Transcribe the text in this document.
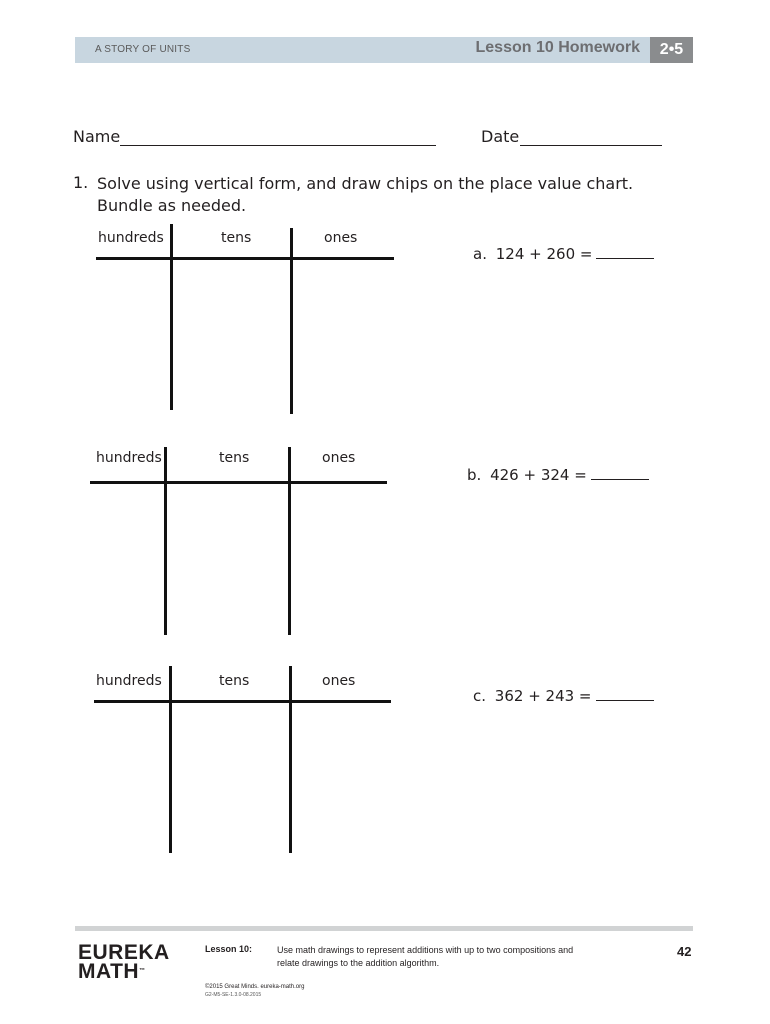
A STORY OF UNITS	Lesson 10 Homework	2•5
Name	Date
1. Solve using vertical form, and draw chips on the place value chart. Bundle as needed.
hundreds	tens	ones
a. 124 + 260 =
hundreds	tens	ones
b. 426 + 324 =
hundreds	tens	ones
c. 362 + 243 =
EUREKA
MATH™
Lesson 10:	Use math drawings to represent additions with up to two compositions and relate drawings to the addition algorithm.
42
©2015 Great Minds. eureka-math.org
G2-M5-SE-1.3.0-08.2015
